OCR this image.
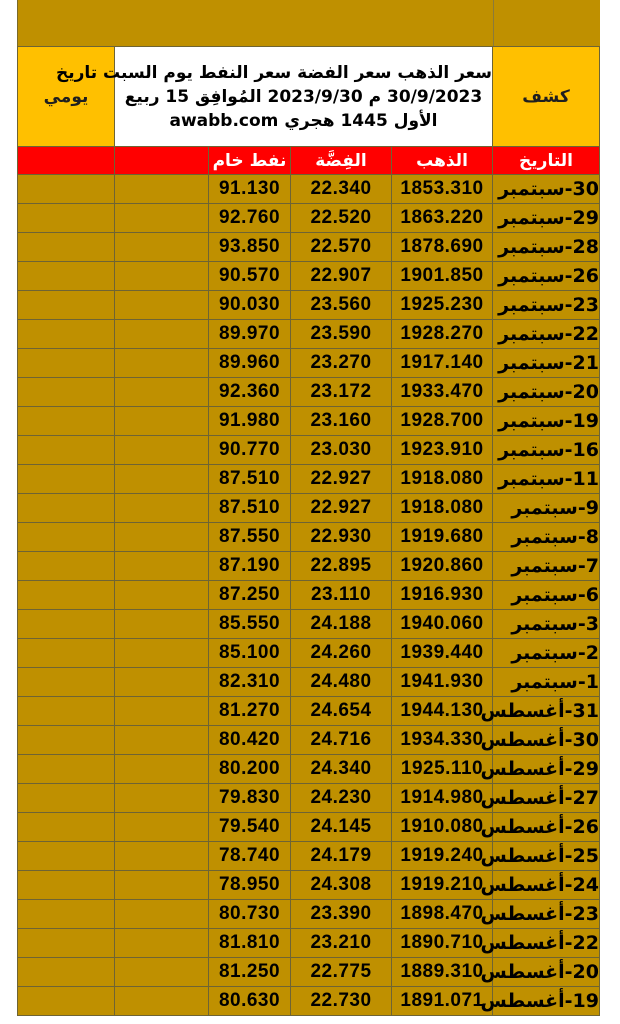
يومي	سعر الذهب سعر الفضة سعر النفط يوم السبت تاريخ
30/9/2023 م 2023/9/30 المُوافِق 15 ربيع
الأول 1445 هجري awabb.com				كشف
		نفط خام	الفِضَّة	الذهب	التاريخ
		91.130	22.340	1853.310	30-سبتمبر
		92.760	22.520	1863.220	29-سبتمبر
		93.850	22.570	1878.690	28-سبتمبر
		90.570	22.907	1901.850	26-سبتمبر
		90.030	23.560	1925.230	23-سبتمبر
		89.970	23.590	1928.270	22-سبتمبر
		89.960	23.270	1917.140	21-سبتمبر
		92.360	23.172	1933.470	20-سبتمبر
		91.980	23.160	1928.700	19-سبتمبر
		90.770	23.030	1923.910	16-سبتمبر
		87.510	22.927	1918.080	11-سبتمبر
		87.510	22.927	1918.080	9-سبتمبر
		87.550	22.930	1919.680	8-سبتمبر
		87.190	22.895	1920.860	7-سبتمبر
		87.250	23.110	1916.930	6-سبتمبر
		85.550	24.188	1940.060	3-سبتمبر
		85.100	24.260	1939.440	2-سبتمبر
		82.310	24.480	1941.930	1-سبتمبر
		81.270	24.654	1944.130	31-أغسطس
		80.420	24.716	1934.330	30-أغسطس
		80.200	24.340	1925.110	29-أغسطس
		79.830	24.230	1914.980	27-أغسطس
		79.540	24.145	1910.080	26-أغسطس
		78.740	24.179	1919.240	25-أغسطس
		78.950	24.308	1919.210	24-أغسطس
		80.730	23.390	1898.470	23-أغسطس
		81.810	23.210	1890.710	22-أغسطس
		81.250	22.775	1889.310	20-أغسطس
		80.630	22.730	1891.071	19-أغسطس
